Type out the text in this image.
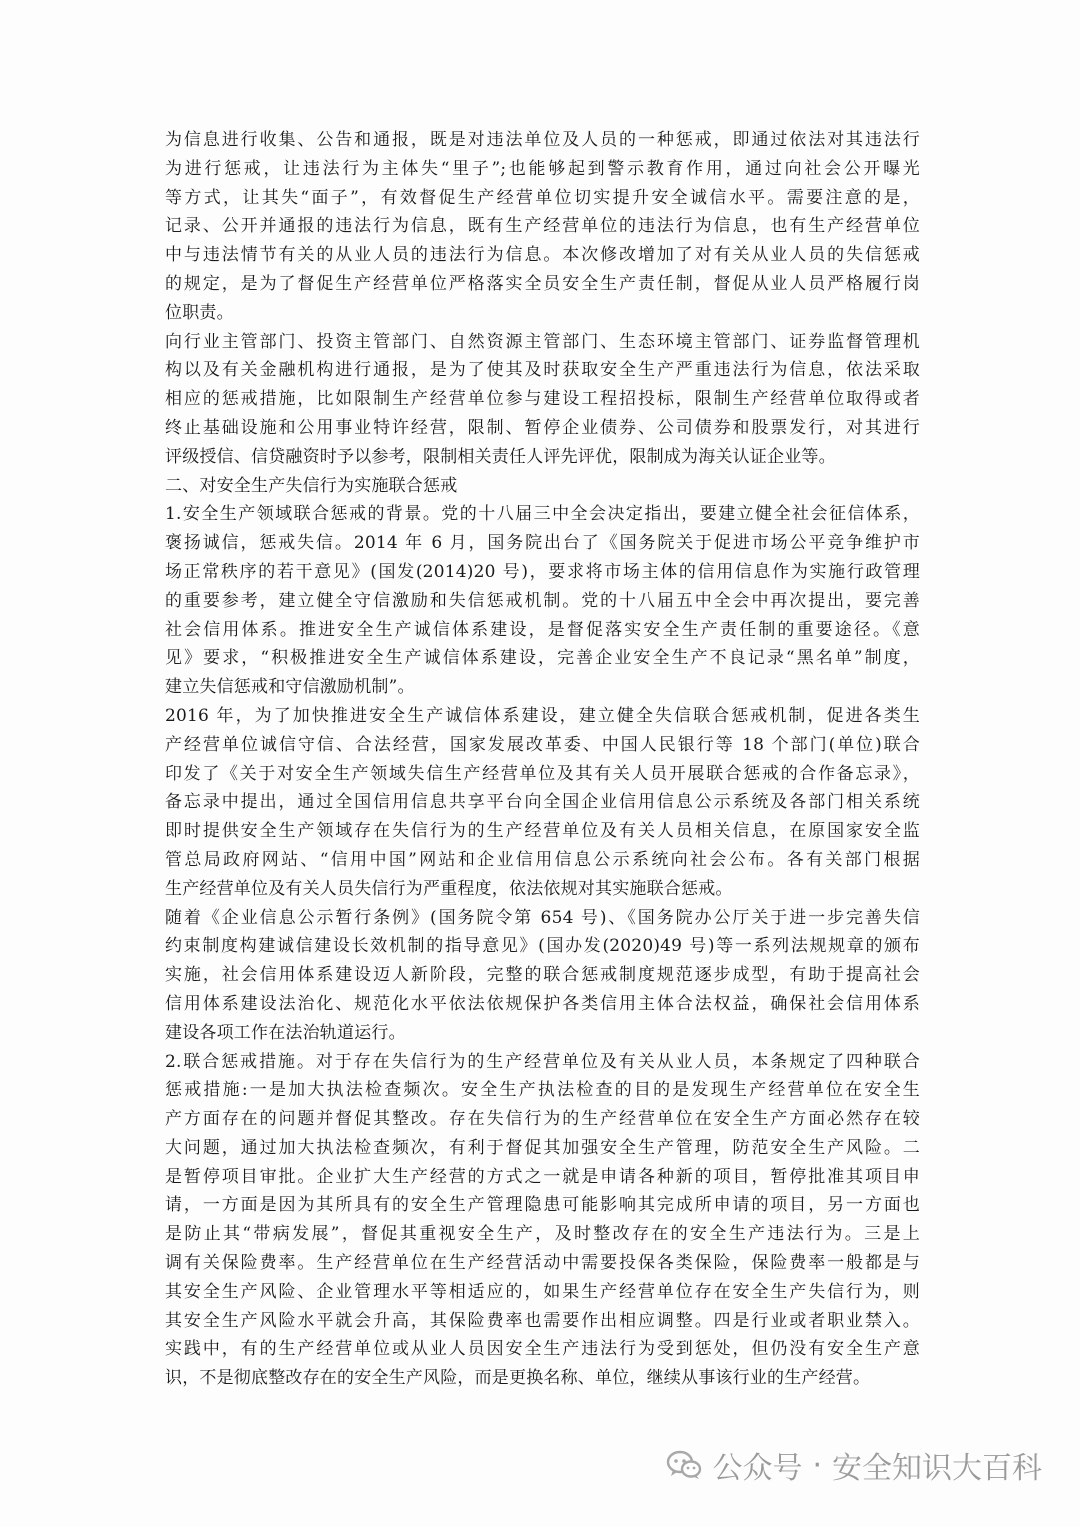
为信息进行收集、公告和通报，既是对违法单位及人员的一种惩戒，即通过依法对其违法行
为进行惩戒，让违法行为主体失“里子”;也能够起到警示教育作用，通过向社会公开曝光
等方式，让其失“面子”，有效督促生产经营单位切实提升安全诚信水平。需要注意的是，
记录、公开并通报的违法行为信息，既有生产经营单位的违法行为信息，也有生产经营单位
中与违法情节有关的从业人员的违法行为信息。本次修改增加了对有关从业人员的失信惩戒
的规定，是为了督促生产经营单位严格落实全员安全生产责任制，督促从业人员严格履行岗
位职责。
向行业主管部门、投资主管部门、自然资源主管部门、生态环境主管部门、证券监督管理机
构以及有关金融机构进行通报，是为了使其及时获取安全生产严重违法行为信息，依法采取
相应的惩戒措施，比如限制生产经营单位参与建设工程招投标，限制生产经营单位取得或者
终止基础设施和公用事业特许经营，限制、暂停企业债券、公司债券和股票发行，对其进行
评级授信、信贷融资时予以参考，限制相关责任人评先评优，限制成为海关认证企业等。
二、对安全生产失信行为实施联合惩戒
1.安全生产领域联合惩戒的背景。党的十八届三中全会决定指出，要建立健全社会征信体系，
褒扬诚信，惩戒失信。2014 年 6 月，国务院出台了《国务院关于促进市场公平竞争维护市
场正常秩序的若干意见》(国发(2014)20 号)，要求将市场主体的信用信息作为实施行政管理
的重要参考，建立健全守信激励和失信惩戒机制。党的十八届五中全会中再次提出，要完善
社会信用体系。推进安全生产诚信体系建设，是督促落实安全生产责任制的重要途径。《意
见》要求，“积极推进安全生产诚信体系建设，完善企业安全生产不良记录“黑名单”制度，
建立失信惩戒和守信激励机制”。
2016 年，为了加快推进安全生产诚信体系建设，建立健全失信联合惩戒机制，促进各类生
产经营单位诚信守信、合法经营，国家发展改革委、中国人民银行等 18 个部门(单位)联合
印发了《关于对安全生产领域失信生产经营单位及其有关人员开展联合惩戒的合作备忘录》，
备忘录中提出，通过全国信用信息共享平台向全国企业信用信息公示系统及各部门相关系统
即时提供安全生产领域存在失信行为的生产经营单位及有关人员相关信息，在原国家安全监
管总局政府网站、“信用中国”网站和企业信用信息公示系统向社会公布。各有关部门根据
生产经营单位及有关人员失信行为严重程度，依法依规对其实施联合惩戒。
随着《企业信息公示暂行条例》(国务院令第 654 号)、《国务院办公厅关于进一步完善失信
约束制度构建诚信建设长效机制的指导意见》(国办发(2020)49 号)等一系列法规规章的颁布
实施，社会信用体系建设迈人新阶段，完整的联合惩戒制度规范逐步成型，有助于提高社会
信用体系建设法治化、规范化水平依法依规保护各类信用主体合法权益，确保社会信用体系
建设各项工作在法治轨道运行。
2.联合惩戒措施。对于存在失信行为的生产经营单位及有关从业人员，本条规定了四种联合
惩戒措施:一是加大执法检查频次。安全生产执法检查的目的是发现生产经营单位在安全生
产方面存在的问题并督促其整改。存在失信行为的生产经营单位在安全生产方面必然存在较
大问题，通过加大执法检查频次，有利于督促其加强安全生产管理，防范安全生产风险。二
是暂停项目审批。企业扩大生产经营的方式之一就是申请各种新的项目，暂停批准其项目申
请，一方面是因为其所具有的安全生产管理隐患可能影响其完成所申请的项目，另一方面也
是防止其“带病发展”，督促其重视安全生产，及时整改存在的安全生产违法行为。三是上
调有关保险费率。生产经营单位在生产经营活动中需要投保各类保险，保险费率一般都是与
其安全生产风险、企业管理水平等相适应的，如果生产经营单位存在安全生产失信行为，则
其安全生产风险水平就会升高，其保险费率也需要作出相应调整。四是行业或者职业禁入。
实践中，有的生产经营单位或从业人员因安全生产违法行为受到惩处，但仍没有安全生产意
识，不是彻底整改存在的安全生产风险，而是更换名称、单位，继续从事该行业的生产经营。
公众号 · 安全知识大百科
